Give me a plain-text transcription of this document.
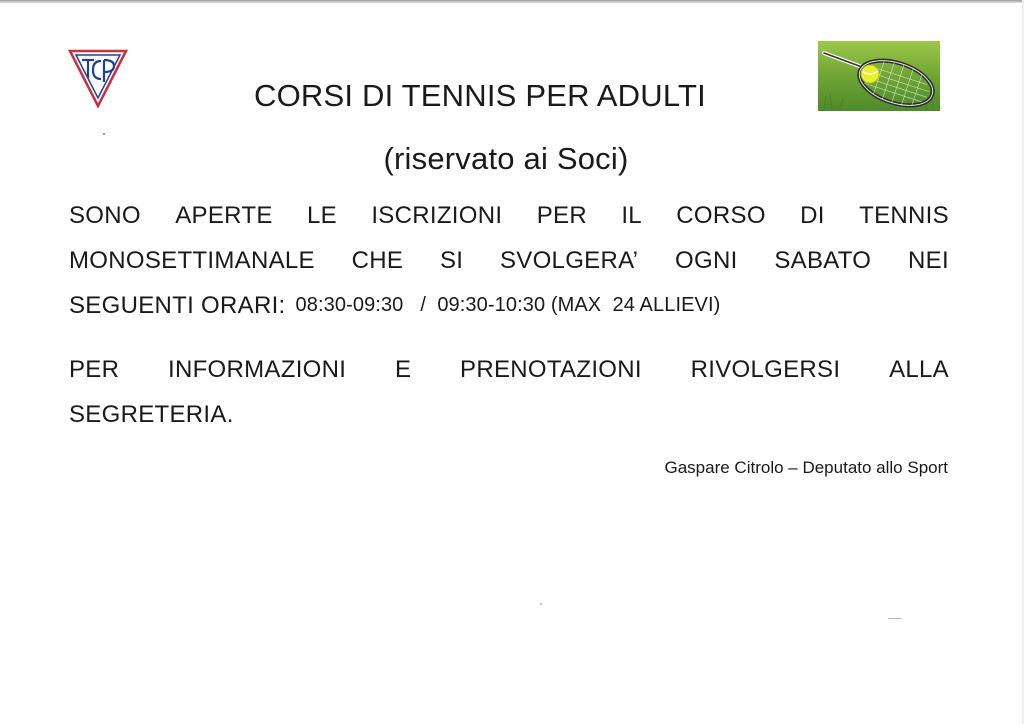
CORSI DI TENNIS PER ADULTI
(riservato ai Soci)
SONO APERTE LE ISCRIZIONI PER IL CORSO DI TENNIS
MONOSETTIMANALE CHE SI SVOLGERA’ OGNI SABATO NEI
SEGUENTI ORARI: 08:30-09:30   /  09:30-10:30 (MAX  24 ALLIEVI)
PER INFORMAZIONI E PRENOTAZIONI RIVOLGERSI ALLA
SEGRETERIA.
Gaspare Citrolo – Deputato allo Sport
